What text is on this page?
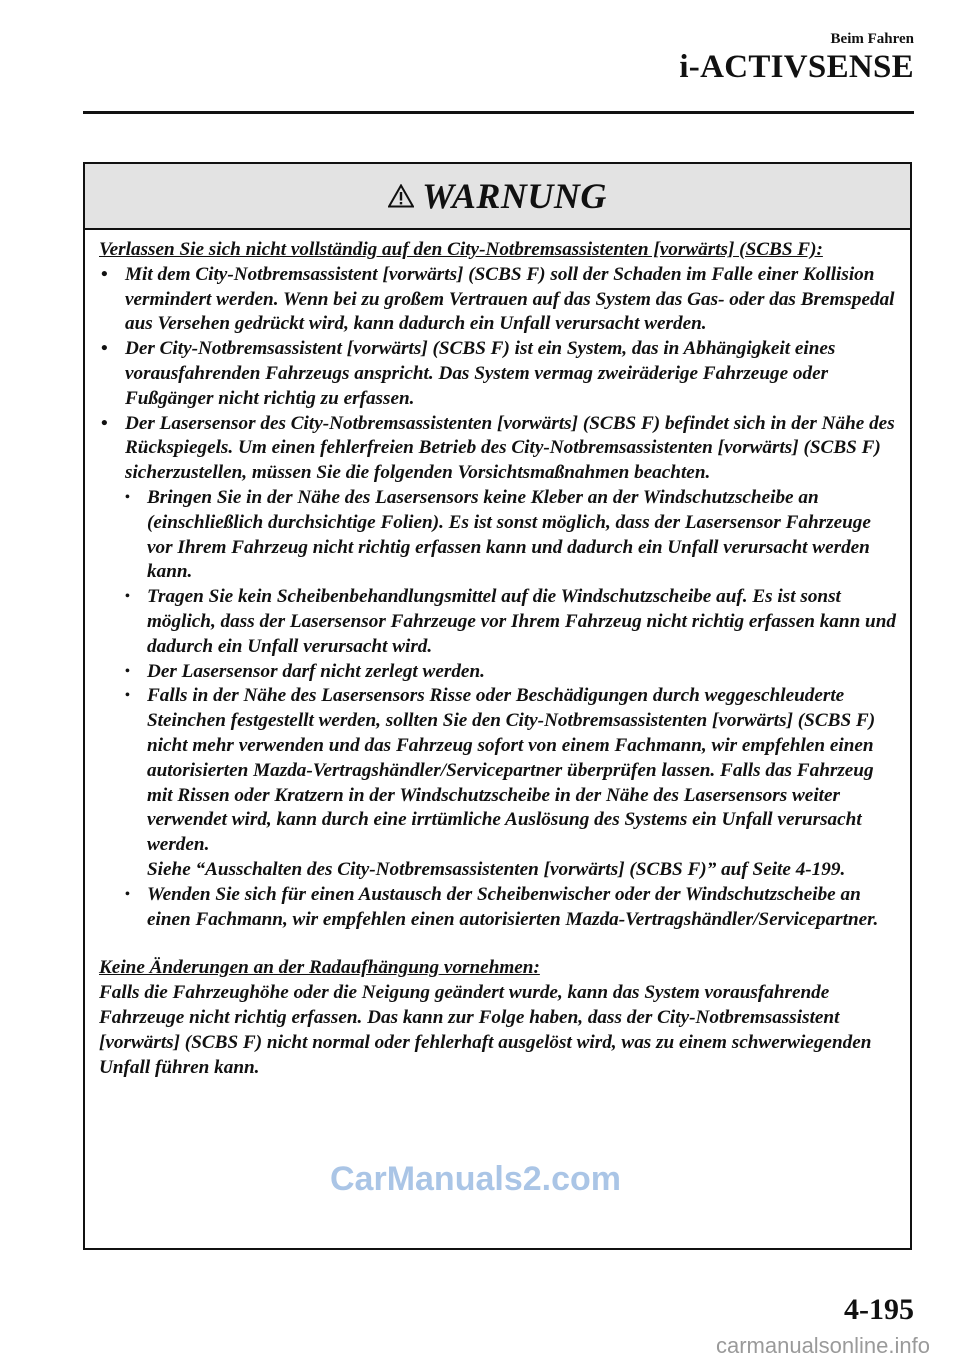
Beim Fahren
i-ACTIVSENSE
WARNUNG

Verlassen Sie sich nicht vollständig auf den City-Notbremsassistenten [vorwärts] (SCBS F):

• Mit dem City-Notbremsassistent [vorwärts] (SCBS F) soll der Schaden im Falle einer Kollision vermindert werden. Wenn bei zu großem Vertrauen auf das System das Gas- oder das Bremspedal aus Versehen gedrückt wird, kann dadurch ein Unfall verursacht werden.

• Der City-Notbremsassistent [vorwärts] (SCBS F) ist ein System, das in Abhängigkeit eines vorausfahrenden Fahrzeugs anspricht. Das System vermag zweiräderige Fahrzeuge oder Fußgänger nicht richtig zu erfassen.

• Der Lasersensor des City-Notbremsassistenten [vorwärts] (SCBS F) befindet sich in der Nähe des Rückspiegels. Um einen fehlerfreien Betrieb des City-Notbremsassistenten [vorwärts] (SCBS F) sicherzustellen, müssen Sie die folgenden Vorsichtsmaßnahmen beachten.

• Bringen Sie in der Nähe des Lasersensors keine Kleber an der Windschutzscheibe an (einschließlich durchsichtige Folien). Es ist sonst möglich, dass der Lasersensor Fahrzeuge vor Ihrem Fahrzeug nicht richtig erfassen kann und dadurch ein Unfall verursacht werden kann.

• Tragen Sie kein Scheibenbehandlungsmittel auf die Windschutzscheibe auf. Es ist sonst möglich, dass der Lasersensor Fahrzeuge vor Ihrem Fahrzeug nicht richtig erfassen kann und dadurch ein Unfall verursacht wird.

• Der Lasersensor darf nicht zerlegt werden.

• Falls in der Nähe des Lasersensors Risse oder Beschädigungen durch weggeschleuderte Steinchen festgestellt werden, sollten Sie den City-Notbremsassistenten [vorwärts] (SCBS F) nicht mehr verwenden und das Fahrzeug sofort von einem Fachmann, wir empfehlen einen autorisierten Mazda-Vertragshändler/Servicepartner überprüfen lassen. Falls das Fahrzeug mit Rissen oder Kratzern in der Windschutzscheibe in der Nähe des Lasersensors weiter verwendet wird, kann durch eine irrtümliche Auslösung des Systems ein Unfall verursacht werden.

Siehe “Ausschalten des City-Notbremsassistenten [vorwärts] (SCBS F)” auf Seite 4-199.

• Wenden Sie sich für einen Austausch der Scheibenwischer oder der Windschutzscheibe an einen Fachmann, wir empfehlen einen autorisierten Mazda-Vertragshändler/Servicepartner.

Keine Änderungen an der Radaufhängung vornehmen:

Falls die Fahrzeughöhe oder die Neigung geändert wurde, kann das System vorausfahrende Fahrzeuge nicht richtig erfassen. Das kann zur Folge haben, dass der City-Notbremsassistent [vorwärts] (SCBS F) nicht normal oder fehlerhaft ausgelöst wird, was zu einem schwerwiegenden Unfall führen kann.

CarManuals2.com
4-195
carmanualsonline.info
